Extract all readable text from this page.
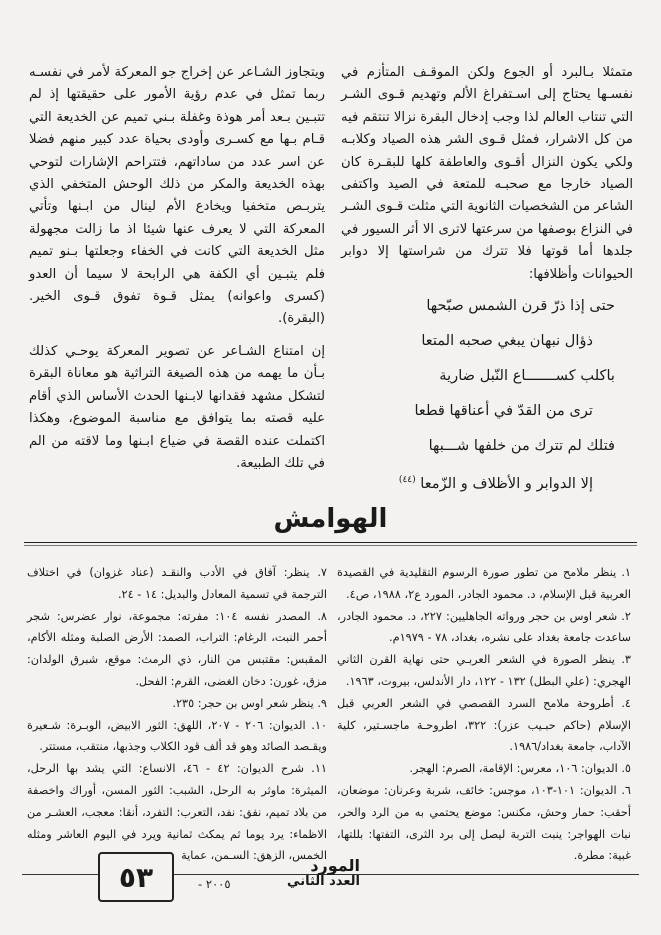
متمثلا بـالبرد أو الجوع ولكن الموقـف المتأزم في نفسـها يحتاج إلى اسـتفراغ الألم وتهديم قـوى الشـر التي تنتاب العالم لذا وجب إدخال البقرة نزالا تنتقم فيه من كل الاشرار، فمثل قـوى الشر هذه الصياد وكلابـه ولكي يكون النزال أقـوى والعاطفة كلها للبقـرة كان الصياد خارجا مع صحبـه للمتعة في الصيد واكتفى الشاعر من الشخصيات الثانوية التي مثلت قـوى الشـر في النزاع بوصفها من سرعتها لاترى الا أثر السيور في جلدها أما قوتها فلا تترك من شراستها إلا دوابر الحيوانات وأظلافها:

حتى إذا ذرّ قرن الشمس صبّحها
ذؤال نبهان يبغي صحبه المتعا
باكلب كســـــــاع النّبل ضارية
ترى من القدّ في أعناقها قطعا
فتلك لم تترك من خلفها شـــبها
إلا الدوابر و الأظلاف و الزّمعا $^{(٤٤)}$

ويتجاوز الشـاعر عن إخراج جو المعركة لأمر في نفسـه ربما تمثل في عدم رؤية الأمور على حقيقتها إذ لم تتبـين بـعد أمر هوذة وغفلة بـني تميم عن الخديعة التي قـام بـها مع كسـرى وأودى بحياة عدد كبير منهم فضلا عن اسر عدد من ساداتهم، فتتراحم الإشارات لتوحي بهذه الخديعة والمكر من ذلك الوحش المتخفي الذي يتربـص متخفيا ويخادع الأم لينال من ابـنها وتأتي المعركة التي لا يعرف عنها شيئا اذ ما زالت مجهولة مثل الخديعة التي كانت في الخفاء وجعلتها بـنو تميم فلم يتبـين أي الكفة هي الرابحة لا سيما أن العدو (كسرى واعوانه) يمثل قـوة تفوق قـوى الخير. (البقرة).

إن امتناع الشـاعر عن تصوير المعركة يوحـي كذلك بـأن ما يهمه من هذه الصيغة التراثية هو معاناة البقرة لتشكل مشهد فقدانها لابـنها الحدث الأساس الذي أقام عليه قصته بما يتوافق مع مناسبة الموضوع، وهكذا اكتملت عنده القصة في ضياع ابـنها وما لاقته من الم في تلك الطبيعة.

الهوامش

١. ينظر ملامح من تطور صورة الرسوم التقليدية في القصيدة العربية قبل الإسلام، د. محمود الجادر، المورد ع٢، ١٩٨٨، ص٤.

٢. شعر اوس بن حجر ورواته الجاهليين: ٢٢٧، د. محمود الجادر، ساعدت جامعة بغداد على نشره، بغداد، ٧٨ - ١٩٧٩م.

٣. ينظر الصورة في الشعر العربـي حتى نهاية القرن الثاني الهجري: (علي البطل) ١٣٢ - ١٢٢، دار الأندلس، بيروت، ١٩٦٣.

٤. أطروحة ملامح السرد القصصي في الشعر العربي قبل الإسلام (حاكم حبـيب عزر): ٣٢٢، اطروحـة ماجسـتير، كلية الآداب، جامعة بغداد/١٩٨٦.

٥. الديوان: ١٠٦، معرس: الإقامة، الصرم: الهجر.

٦. الديوان: ١٠١-١٠٣، موجس: خائف، شربة وعرنان: موضعان، أحقب: حمار وحش، مكنس: موضع يحتمي به من الرد والحر، نبات الهواجر: ينبت التربة ليصل إلى برد الثرى، التفتها: بللتها، غبية: مطرة.

٧. ينظر: آفاق في الأدب والنقـد (عناد غزوان) في اختلاف الترجمة في تسمية المعادل والبديل: ١٤ - ٢٤.

٨. المصدر نفسه ١٠٤: مفرته: مجموعة، نوار عضرس: شجر أحمر النبت، الرغام: التراب، الصمد: الأرض الصلبة ومثله الأكام، المقبس: مقتبس من النار، ذي الرمث: موقع، شبرق الولدان: مزق، غورن: دخان الغضى، القرم: الفحل.

٩. ينظر شعر اوس بن حجر: ٢٣٥.

١٠. الديوان: ٢٠٦ - ٢٠٧، اللهق: الثور الابيض، الوبـرة: شـعيرة ويقـصد الصائد وهو قد ألف قود الكلاب وجذبها، منتقب، مستتر.

١١. شرح الديوان: ٤٢ - ٤٦، الانساع: التي يشد بها الرحل، الميثرة: ماوثر به الرحل، الشبب: الثور المسن، أوراك واخصفة من بلاد تميم، نفق: نفد، التعرب: التفرد، أنقا: معجب، العشـر من الاظماء: يرد يوما ثم يمكث ثمانية ويرد في اليوم العاشر ومثله الخمس، الزهق: السـمن، عماية

٥٣	المورد
العدد الثاني
٢٠٠٥ -
